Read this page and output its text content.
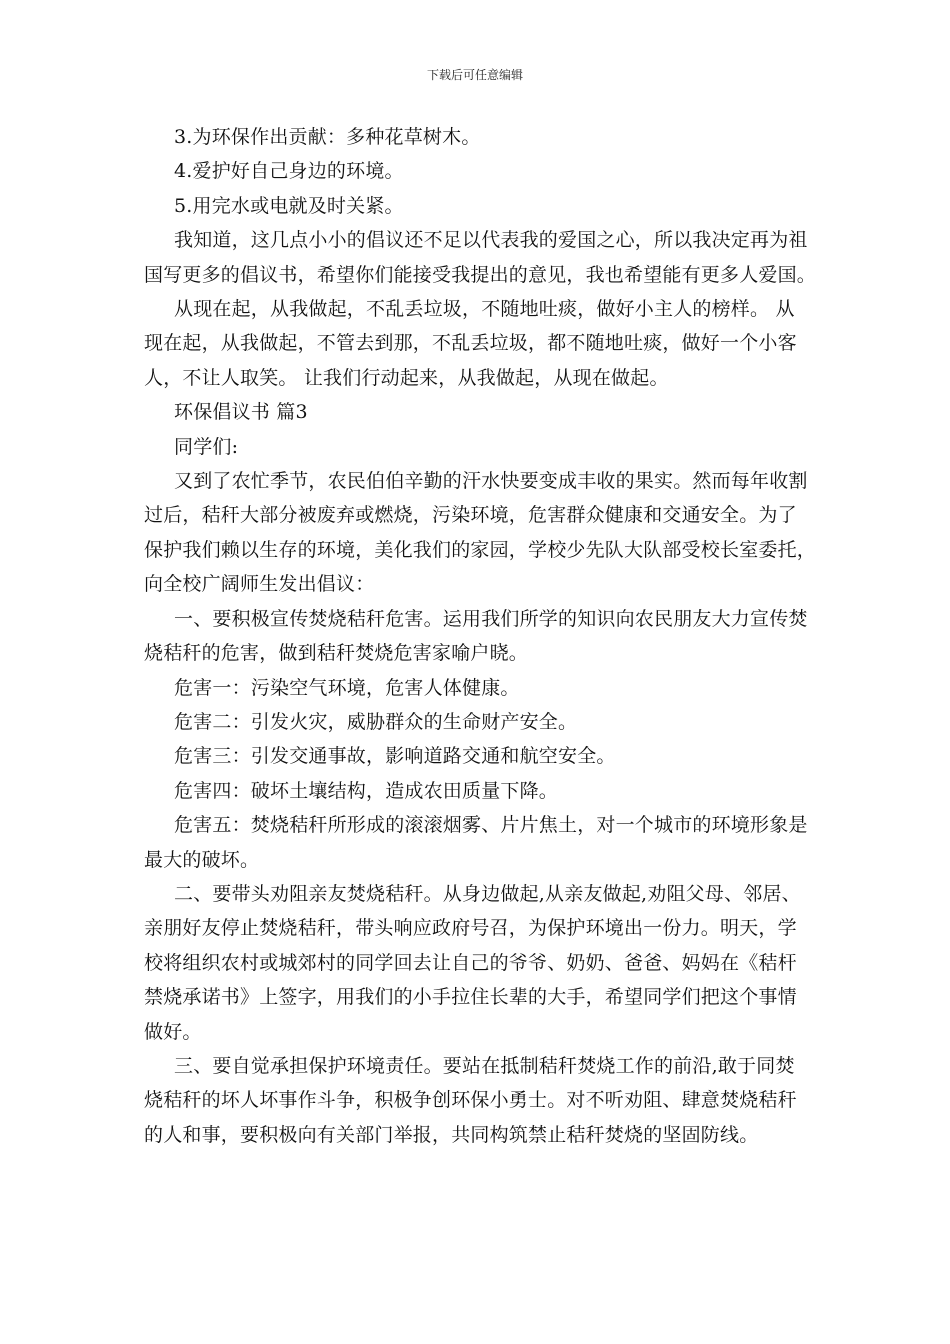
下载后可任意编辑
3.为环保作出贡献：多种花草树木。
4.爱护好自己身边的环境。
5.用完水或电就及时关紧。
我知道，这几点小小的倡议还不足以代表我的爱国之心，所以我决定再为祖
国写更多的倡议书，希望你们能接受我提出的意见，我也希望能有更多人爱国。
从现在起，从我做起，不乱丢垃圾，不随地吐痰，做好小主人的榜样。 从
现在起，从我做起，不管去到那，不乱丢垃圾，都不随地吐痰，做好一个小客
人，不让人取笑。 让我们行动起来，从我做起，从现在做起。
环保倡议书 篇3
同学们:
又到了农忙季节，农民伯伯辛勤的汗水快要变成丰收的果实。然而每年收割
过后，秸秆大部分被废弃或燃烧，污染环境，危害群众健康和交通安全。为了
保护我们赖以生存的环境，美化我们的家园，学校少先队大队部受校长室委托，
向全校广阔师生发出倡议：
一、要积极宣传焚烧秸秆危害。运用我们所学的知识向农民朋友大力宣传焚
烧秸秆的危害，做到秸秆焚烧危害家喻户晓。
危害一：污染空气环境，危害人体健康。
危害二：引发火灾，威胁群众的生命财产安全。
危害三：引发交通事故，影响道路交通和航空安全。
危害四：破坏土壤结构，造成农田质量下降。
危害五：焚烧秸秆所形成的滚滚烟雾、片片焦土，对一个城市的环境形象是
最大的破坏。
二、要带头劝阻亲友焚烧秸秆。从身边做起,从亲友做起,劝阻父母、邻居、
亲朋好友停止焚烧秸秆，带头响应政府号召，为保护环境出一份力。明天，学
校将组织农村或城郊村的同学回去让自己的爷爷、奶奶、爸爸、妈妈在《秸杆
禁烧承诺书》上签字，用我们的小手拉住长辈的大手，希望同学们把这个事情
做好。
三、要自觉承担保护环境责任。要站在抵制秸秆焚烧工作的前沿,敢于同焚
烧秸秆的坏人坏事作斗争，积极争创环保小勇士。对不听劝阻、肆意焚烧秸秆
的人和事，要积极向有关部门举报，共同构筑禁止秸秆焚烧的坚固防线。
